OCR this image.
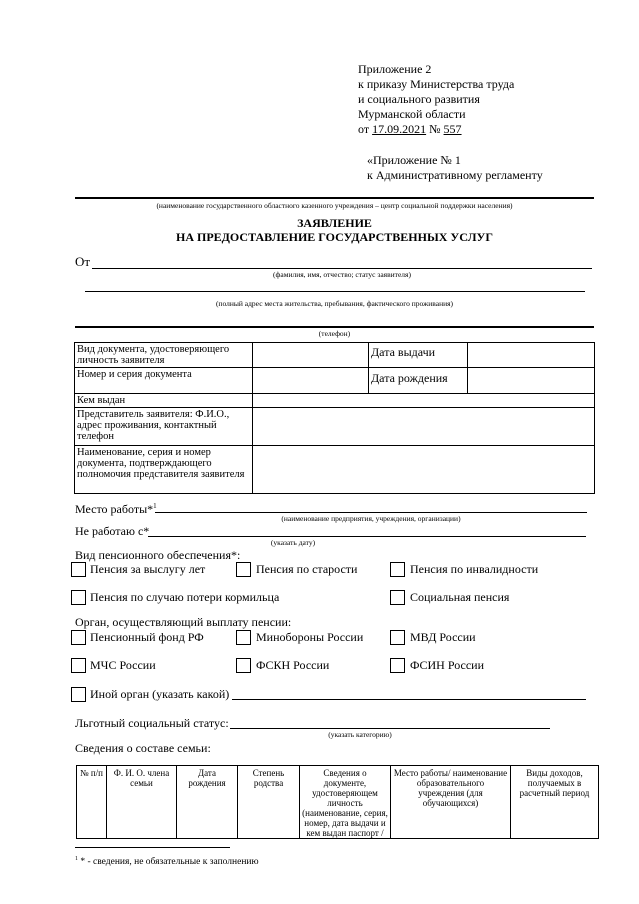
Приложение 2
к приказу Министерства труда
и социального развития
Мурманской области
от 17.09.2021 № 557
«Приложение № 1
к Административному регламенту
(наименование государственного областного казенного учреждения – центр социальной поддержки населения)
ЗАЯВЛЕНИЕ
НА ПРЕДОСТАВЛЕНИЕ ГОСУДАРСТВЕННЫХ УСЛУГ
От
(фамилия, имя, отчество; статус заявителя)
(полный адрес места жительства, пребывания, фактического проживания)
(телефон)
Вид документа, удостоверяющего личность заявителя		Дата выдачи	
Номер и серия документа		Дата рождения	
Кем выдан			
Представитель заявителя: Ф.И.О., адрес проживания, контактный телефон			
Наименование, серия и номер документа, подтверждающего полномочия представителя заявителя			
Место работы*$^1$
(наименование предприятия, учреждения, организации)
Не работаю с*
(указать дату)
Вид пенсионного обеспечения*:
Пенсия за выслугу лет	Пенсия по старости	Пенсия по инвалидности
Пенсия по случаю потери кормильца	Социальная пенсия
Орган, осуществляющий выплату пенсии:
Пенсионный фонд РФ	Минобороны России	МВД России
МЧС России	ФСКН России	ФСИН России
Иной орган (указать какой)
Льготный социальный статус:
(указать категорию)
Сведения о составе семьи:
№ п/п	Ф. И. О. члена семьи	Дата рождения	Степень родства	Сведения о документе, удостоверяющем личность (наименование, серия, номер, дата выдачи и кем выдан паспорт /	Место работы/ наименование образовательного учреждения (для обучающихся)	Виды доходов, получаемых в расчетный период
$^1$ * - сведения, не обязательные к заполнению
